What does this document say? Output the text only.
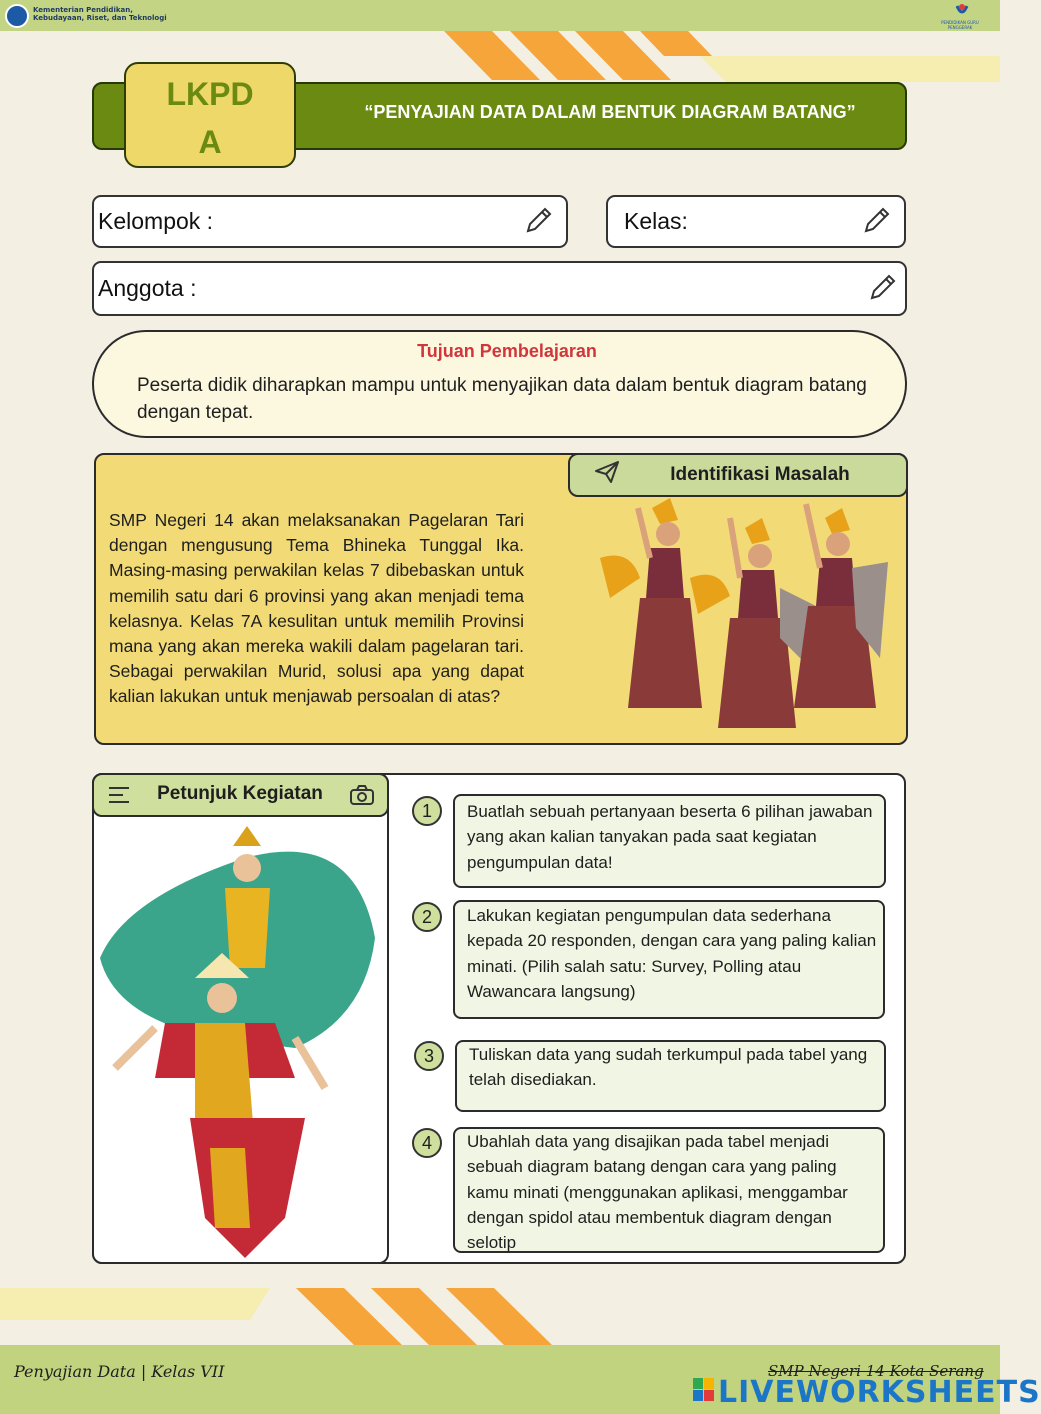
Kementerian Pendidikan, Kebudayaan, Riset, dan Teknologi
PENDIDIKAN GURU PENGGERAK
“PENYAJIAN DATA DALAM BENTUK DIAGRAM BATANG”
LKPD
A
Kelompok :	Kelas:
Anggota :
Tujuan Pembelajaran
Peserta didik diharapkan mampu untuk menyajikan data dalam bentuk diagram batang dengan tepat.
Identifikasi Masalah
SMP Negeri 14 akan melaksanakan Pagelaran Tari dengan mengusung Tema Bhineka Tunggal Ika. Masing-masing perwakilan kelas 7 dibebaskan untuk memilih satu dari 6 provinsi yang akan menjadi tema kelasnya. Kelas 7A kesulitan untuk memilih Provinsi mana yang akan mereka wakili dalam pagelaran tari. Sebagai perwakilan Murid, solusi apa yang dapat kalian lakukan untuk menjawab persoalan di atas?
Petunjuk Kegiatan
1	Buatlah sebuah pertanyaan beserta 6 pilihan jawaban yang akan kalian tanyakan pada saat kegiatan pengumpulan data!
2	Lakukan kegiatan pengumpulan data sederhana kepada 20 responden, dengan cara yang paling kalian minati. (Pilih salah satu: Survey, Polling atau Wawancara langsung)
3	Tuliskan data yang sudah terkumpul pada tabel yang telah disediakan.
4	Ubahlah data yang disajikan pada tabel menjadi sebuah diagram batang dengan cara yang paling kamu minati (menggunakan aplikasi, menggambar dengan spidol atau membentuk diagram dengan selotip
Penyajian Data | Kelas VII	SMP Negeri 14 Kota Serang
LIVEWORKSHEETS
